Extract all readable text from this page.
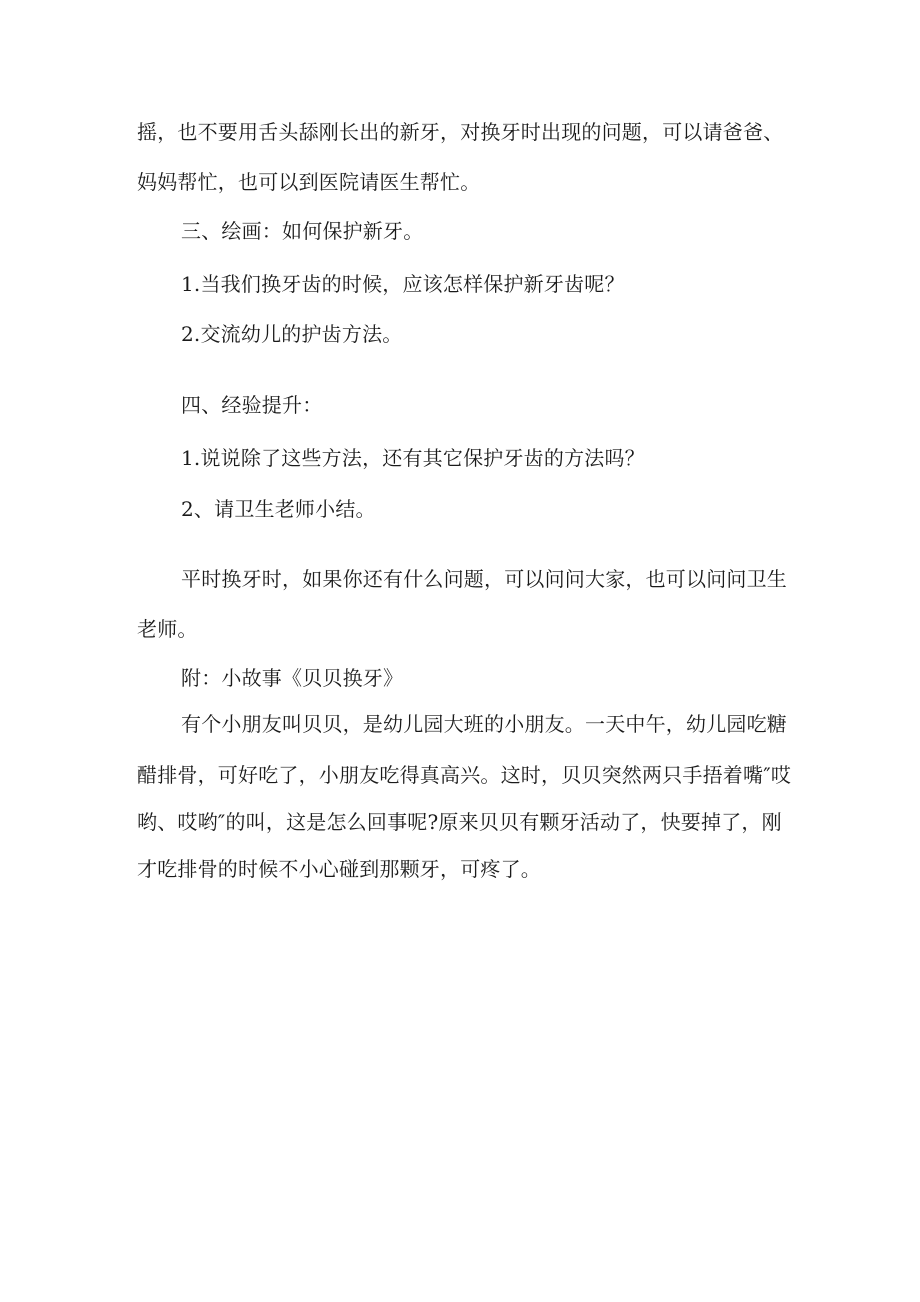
摇，也不要用舌头舔刚长出的新牙，对换牙时出现的问题，可以请爸爸、
妈妈帮忙，也可以到医院请医生帮忙。
三、绘画：如何保护新牙。
1.当我们换牙齿的时候，应该怎样保护新牙齿呢？
2.交流幼儿的护齿方法。
四、经验提升：
1.说说除了这些方法，还有其它保护牙齿的方法吗？
2、请卫生老师小结。
平时换牙时，如果你还有什么问题，可以问问大家，也可以问问卫生
老师。
附：小故事《贝贝换牙》
有个小朋友叫贝贝，是幼儿园大班的小朋友。一天中午，幼儿园吃糖
醋排骨，可好吃了，小朋友吃得真高兴。这时，贝贝突然两只手捂着嘴″哎
哟、哎哟″的叫，这是怎么回事呢?原来贝贝有颗牙活动了，快要掉了，刚
才吃排骨的时候不小心碰到那颗牙，可疼了。
